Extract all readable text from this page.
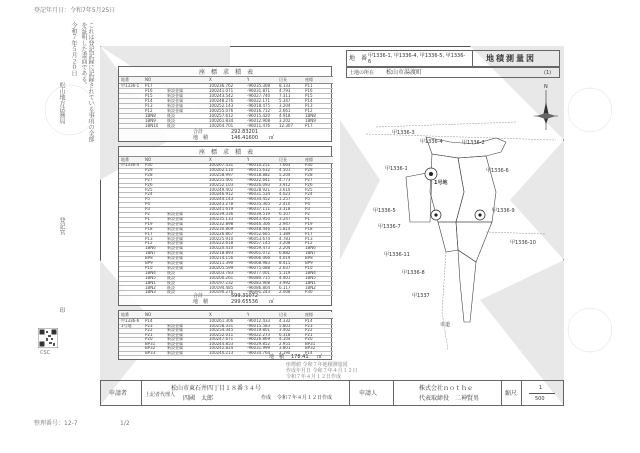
登記年月日：令和7年5月25日
これは登記記録に記録されている事項の全部を証明した書面である。
令和７年５月２０日
松山地方法務局
登記官
印
CSC
整理番号：12-7	1/2
地　番 甲1336-1, 甲1336-4, 甲1336-5, 甲1336-6	地積測量図
土地の所在 松山市湯渡町	(1)
座　標　求　積　表
地番	NO	X	Y	辺長	座標
甲1336-1 P17	100236.762	-96035.308 8.133	P11
P16	新設金属	100241.071	-96031.871 4.793	P16
P15	新設金属	100243.542	-96027.740 7.311	P15
P14	新設金属	100248.276	-96022.171 5.347	P14
P13	新設金属	100252.143	-96018.475 3.204	P13
P12	新設金属	100255.076	-96016.712 2.661	P12
1BN8	既設	100257.612	-96015.420 4.918	1BN8
1BN9	既設	100261.834	-96012.908 3.202	1BN9
1BN10 既設	100264.701	-96011.476 12.307	P17
合計	292.83201
地　積	146.41600 ㎡
座　標　求　積　表
地番	NO	X	Y	辺長	座標
甲1336-4 P30	100267.431	-96010.251 7.663	P30
P29	100262.110	-96015.632 4.501	P29
P28	100258.997	-96018.882 5.204	P28
P27	100255.401	-96022.641 4.773	P27
P26	100252.103	-96026.093 3.912	P26
P25	100249.402	-96028.921 3.610	P25
P24	100246.912	-96031.534 4.023	P24
P5	100244.143	-96034.452 1.257	P5
P4	100243.278	-96035.365 2.410	P4
P3	100241.619	-96037.111 3.318	P3
P2	新設金属	100239.336	-96039.519 6.107	P2
P1	新設金属	100235.133	-96043.950 3.247	P1
P19	新設金属	100232.898	-96046.306 2.947	P19
P18	新設金属	100230.869	-96048.446 5.814	P18
P17	新設金属	100226.867	-96052.665 1.389	P17
P13	新設金属	100225.910	-96053.674 4.781	P13
P12	新設金属	100222.618	-96057.145 3.208	P12
1BN6	新設金属	100220.410	-96059.473 2.204	1BN6
1BN7	新設金属	100218.893	-96061.072 6.882	1BN7
BP8	新設金属	100214.156	-96066.066 4.019	BP8
BP9	新設金属	100211.390	-96068.983 8.415	BP9
P10	新設金属	100205.599	-96075.088 2.637	P10
1BN4	既設	100203.783	-96077.001 5.119	1BN4
1BN5	既設	100200.261	-96080.715 4.401	1BN5
1BN1	既設	100197.232	-96083.908 3.992	1BN1
1BN2	既設	100194.485	-96086.804 6.117	1BN2
1BN3	既設	100190.276	-96091.243 2.008	P30
合計	599.31072
地　積	299.65536 ㎡
地番	NO	X	Y	辺長	座標
甲1336-6 P14	100261.306	-96012.433 4.332	P14
1号地	P23	新設金属	100258.331	-96015.583 5.803	P23
P22	新設金属	100254.345	-96019.801 3.402	P22
P21	新設金属	100252.011	-96022.273 6.318	P21
P20	新設金属	100247.671	-96026.869 4.104	P20
BP31	新設金属	100244.853	-96029.852 2.955	BP31
BP32	新設金属	100242.824	-96031.999 3.801	BP32
BP33	新設金属	100240.213	-96034.764 2.190	P14
地　積 178.41 ㎡
座標値 令和７年地積測量図
作成年月日 令和７年４月１２日
令和７年４月１２日作成
N
甲1336-3
甲1336-4	甲1336-2
甲1336-1	甲1336-6
1号地
甲1336-5
甲1336-7
甲1336-9
甲1336-10
甲1336-11
甲1336-8
甲1337
市道
申請者	上記者代理人
松山市東石井四丁目１８番３４号
四國　太郎	作成 令和７年４月１２日作成
申請人
株式会社ｎｏｔｈｅ
代表取締役　二神賢男
縮尺
1
500
